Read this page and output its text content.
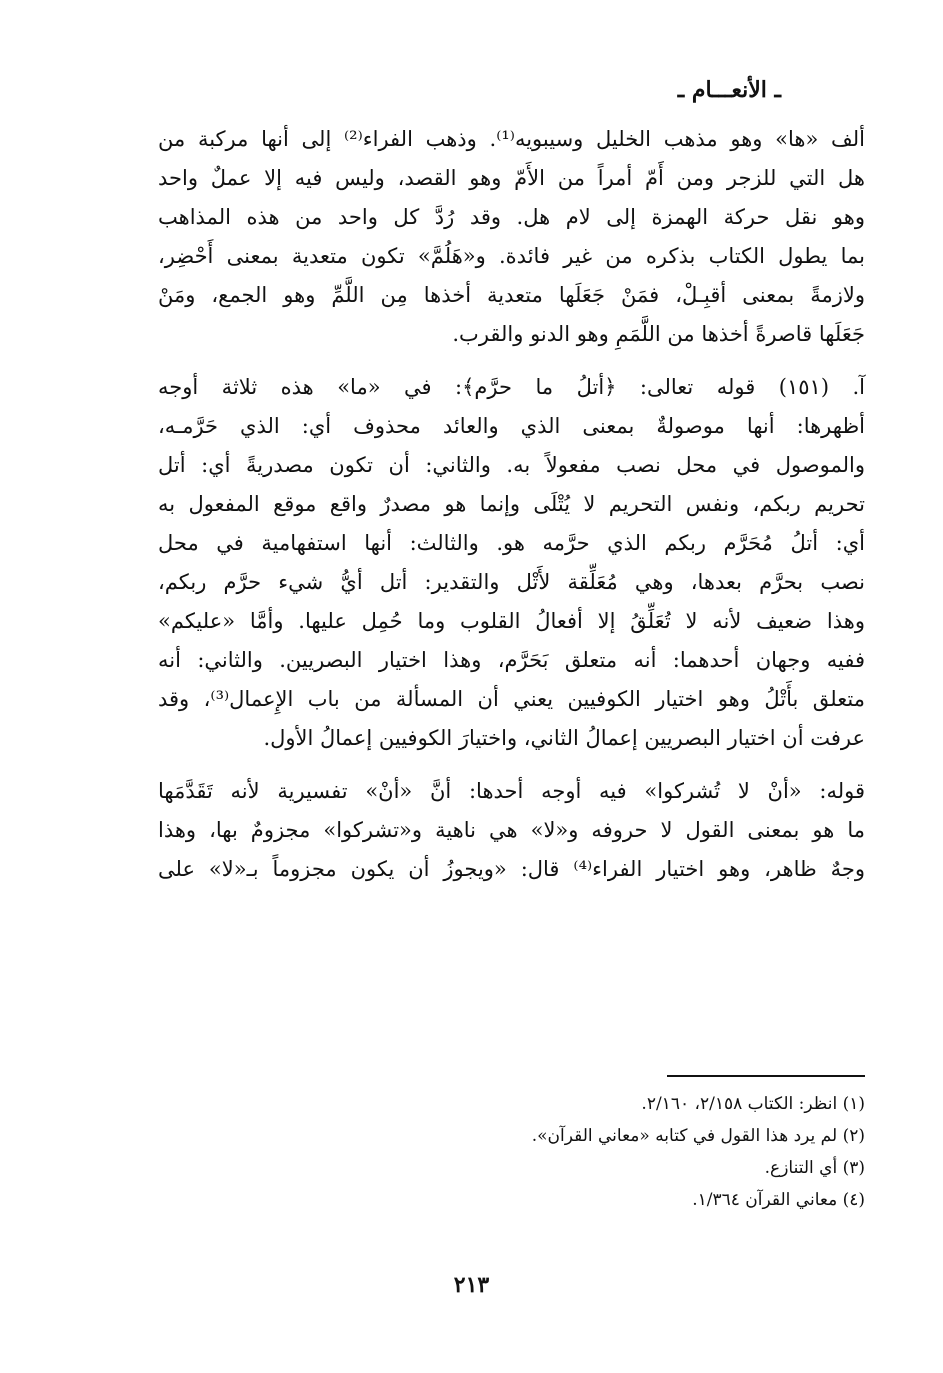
ـ الأنعـــام ـ

ألف «ها» وهو مذهب الخليل وسيبويه⁽¹⁾. وذهب الفراء⁽²⁾ إلى أنها مركبة من
هل التي للزجر ومن أَمّ أمراً من الأَمّ وهو القصد، وليس فيه إلا عملٌ واحد
وهو نقل حركة الهمزة إلى لام هل. وقد رُدَّ كل واحد من هذه المذاهب
بما يطول الكتاب بذكره من غير فائدة. و«هَلُمَّ» تكون متعدية بمعنى أَحْضِر،
ولازمةً بمعنى أقبِـلْ، فمَنْ جَعَلَها متعدية أخذها مِن اللَّمِّ وهو الجمع، ومَنْ
جَعَلَها قاصرةً أخذها من اللَّمَمِ وهو الدنو والقرب.

آ. (١٥١) قوله تعالى: ﴿أتلُ ما حرَّم﴾: في «ما» هذه ثلاثة أوجه
أظهرها: أنها موصولةٌ بمعنى الذي والعائد محذوف أي: الذي حَرَّمـه،
والموصول في محل نصب مفعولاً به. والثاني: أن تكون مصدريةً أي: أتل
تحريم ربكم، ونفس التحريم لا يُتْلَى وإنما هو مصدرٌ واقع موقع المفعول به
أي: أتلُ مُحَرَّم ربكم الذي حرَّمه هو. والثالث: أنها استفهامية في محل
نصب بحرَّم بعدها، وهي مُعَلِّقة لأَتْل والتقدير: أتل أيُّ شيء حرَّم ربكم،
وهذا ضعيف لأنه لا تُعَلِّقُ إلا أفعالُ القلوب وما حُمِل عليها. وأمَّا «عليكم»
ففيه وجهان أحدهما: أنه متعلق بَحَرَّم، وهذا اختيار البصريين. والثاني: أنه
متعلق بأَتْلُ وهو اختيار الكوفيين يعني أن المسألة من باب الإِعمال⁽³⁾، وقد
عرفت أن اختيار البصريين إعمالُ الثاني، واختيارَ الكوفيين إعمالُ الأول.

قوله: «أنْ لا تُشركوا» فيه أوجه أحدها: أنَّ «أنْ» تفسيرية لأنه تَقَدَّمَها
ما هو بمعنى القول لا حروفه و«لا» هي ناهية و«تشركوا» مجزومٌ بها، وهذا
وجهٌ ظاهر، وهو اختيار الفراء⁽⁴⁾ قال: «ويجوزُ أن يكون مجزوماً بـ«لا» على

(١) انظر: الكتاب ٢/١٥٨، ٢/١٦٠.
(٢) لم يرد هذا القول في كتابه «معاني القرآن».
(٣) أي التنازع.
(٤) معاني القرآن ١/٣٦٤.
٢١٣
